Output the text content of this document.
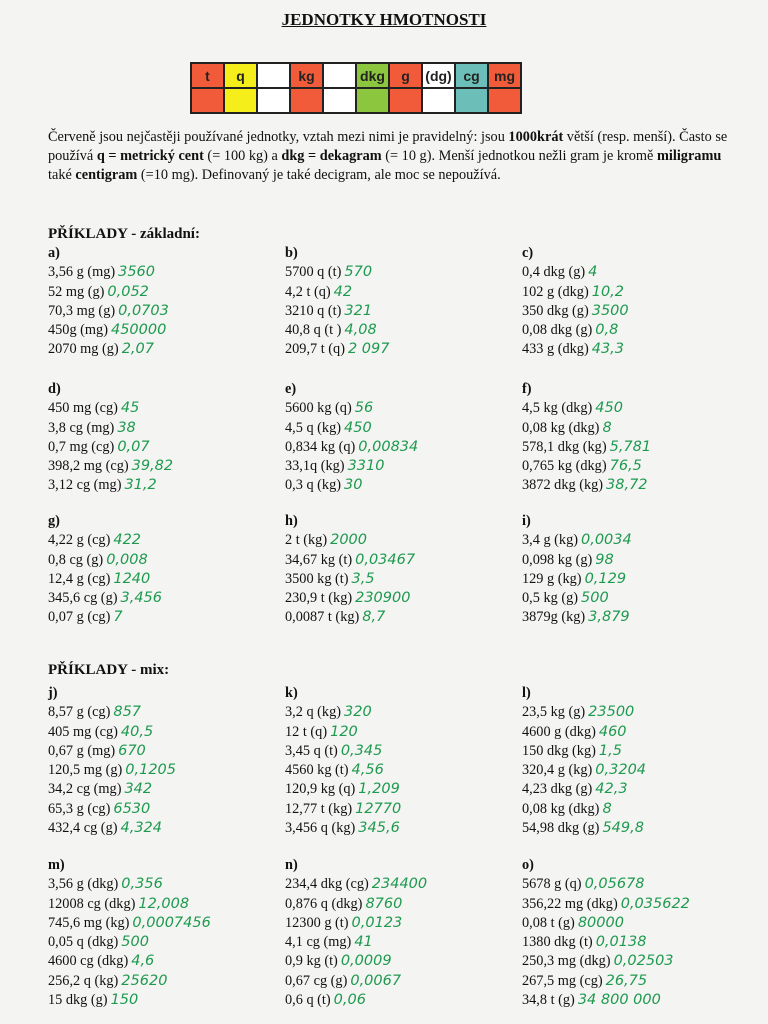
JEDNOTKY HMOTNOSTI
t	q		kg		dkg	g	(dg)	cg	mg

Červeně jsou nejčastěji používané jednotky, vztah mezi nimi je pravidelný: jsou 1000krát větší (resp. menší). Často se používá q = metrický cent (= 100 kg) a dkg = dekagram (= 10 g). Menší jednotkou nežli gram je kromě miligramu také centigram (=10 mg). Definovaný je také decigram, ale moc se nepoužívá.
PŘÍKLADY - základní:
PŘÍKLADY - mix:
a)
3,56 g (mg) 3560
52 mg (g) 0,052
70,3 mg (g) 0,0703
450g (mg) 450000
2070 mg (g) 2,07
b)
5700 q (t) 570
4,2 t (q) 42
3210 q (t) 321
40,8 q (t ) 4,08
209,7 t (q) 2 097
c)
0,4 dkg (g) 4
102 g (dkg) 10,2
350 dkg (g) 3500
0,08 dkg (g) 0,8
433 g (dkg) 43,3
d)
450 mg (cg) 45
3,8 cg (mg) 38
0,7 mg (cg) 0,07
398,2 mg (cg) 39,82
3,12 cg (mg) 31,2
e)
5600 kg (q) 56
4,5 q (kg) 450
0,834 kg (q) 0,00834
33,1q (kg) 3310
0,3 q (kg) 30
f)
4,5 kg (dkg) 450
0,08 kg (dkg) 8
578,1 dkg (kg) 5,781
0,765 kg (dkg) 76,5
3872 dkg (kg) 38,72
g)
4,22 g (cg) 422
0,8 cg (g) 0,008
12,4 g (cg) 1240
345,6 cg (g) 3,456
0,07 g (cg) 7
h)
2 t (kg) 2000
34,67 kg (t) 0,03467
3500 kg (t) 3,5
230,9 t (kg) 230900
0,0087 t (kg) 8,7
i)
3,4 g (kg) 0,0034
0,098 kg (g) 98
129 g (kg) 0,129
0,5 kg (g) 500
3879g (kg) 3,879
j)
8,57 g (cg) 857
405 mg (cg) 40,5
0,67 g (mg) 670
120,5 mg (g) 0,1205
34,2 cg (mg) 342
65,3 g (cg) 6530
432,4 cg (g) 4,324
k)
3,2 q (kg) 320
12 t (q) 120
3,45 q (t) 0,345
4560 kg (t) 4,56
120,9 kg (q) 1,209
12,77 t (kg) 12770
3,456 q (kg) 345,6
l)
23,5 kg (g) 23500
4600 g (dkg) 460
150 dkg (kg) 1,5
320,4 g (kg) 0,3204
4,23 dkg (g) 42,3
0,08 kg (dkg) 8
54,98 dkg (g) 549,8
m)
3,56 g (dkg) 0,356
12008 cg (dkg) 12,008
745,6 mg (kg) 0,0007456
0,05 q (dkg) 500
4600 cg (dkg) 4,6
256,2 q (kg) 25620
15 dkg (g) 150
n)
234,4 dkg (cg) 234400
0,876 q (dkg) 8760
12300 g (t) 0,0123
4,1 cg (mg) 41
0,9 kg (t) 0,0009
0,67 cg (g) 0,0067
0,6 q (t) 0,06
o)
5678 g (q) 0,05678
356,22 mg (dkg) 0,035622
0,08 t (g) 80000
1380 dkg (t) 0,0138
250,3 mg (dkg) 0,02503
267,5 mg (cg) 26,75
34,8 t (g) 34 800 000
